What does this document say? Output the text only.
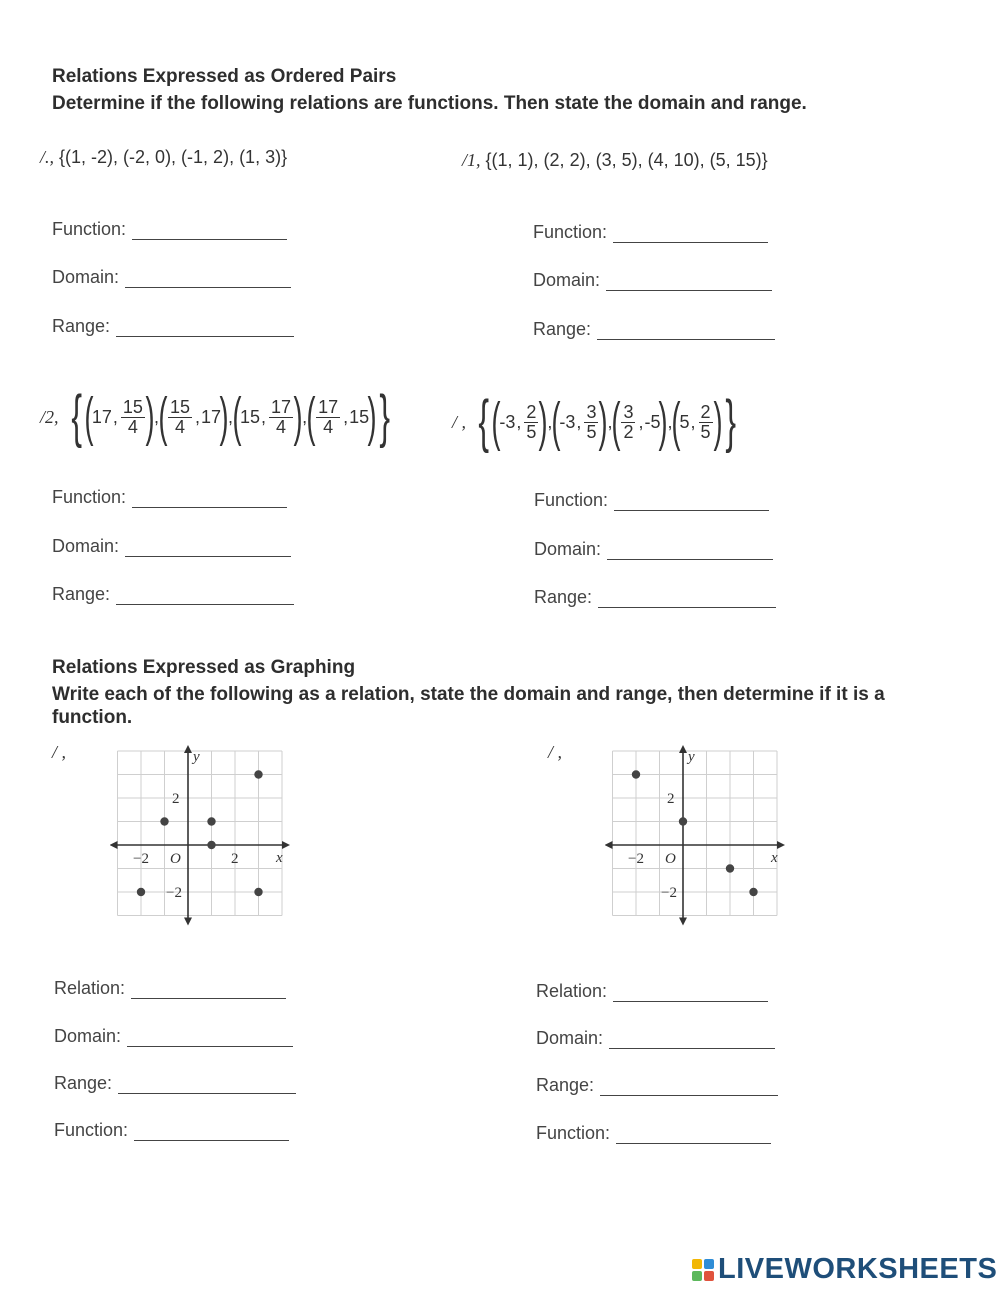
Relations Expressed as Ordered Pairs
Determine if the following relations are functions. Then state the domain and range.
/., {(1, -2), (-2, 0), (-1, 2), (1, 3)}	/1, {(1, 1), (2, 2), (3, 5), (4, 10), (5, 15)}
Function:
Domain:
Range:
Function:
Domain:
Range:
/2, { (
17 , $\frac{15}{4}$ ) , ( $\frac{15}{4}$ , 17
) , (
15 , $\frac{17}{4}$ ) , ( $\frac{17}{4}$ , 15
) }	/ , { (
-3 , $\frac{2}{5}$ ) , (
-3 , $\frac{3}{5}$ ) , ( $\frac{3}{2}$ , -5
) , (
5 , $\frac{2}{5}$ ) }
Function:
Domain:
Range:
Function:
Domain:
Range:
Relations Expressed as Graphing
Write each of the following as a relation, state the domain and range, then determine if it is a
function.
/ ,	/ ,
y
x
O
2
−2
−2	2
y
x
O
2
−2
−2
Relation:
Domain:
Range:
Function:
Relation:
Domain:
Range:
Function:
LIVEWORKSHEETS
